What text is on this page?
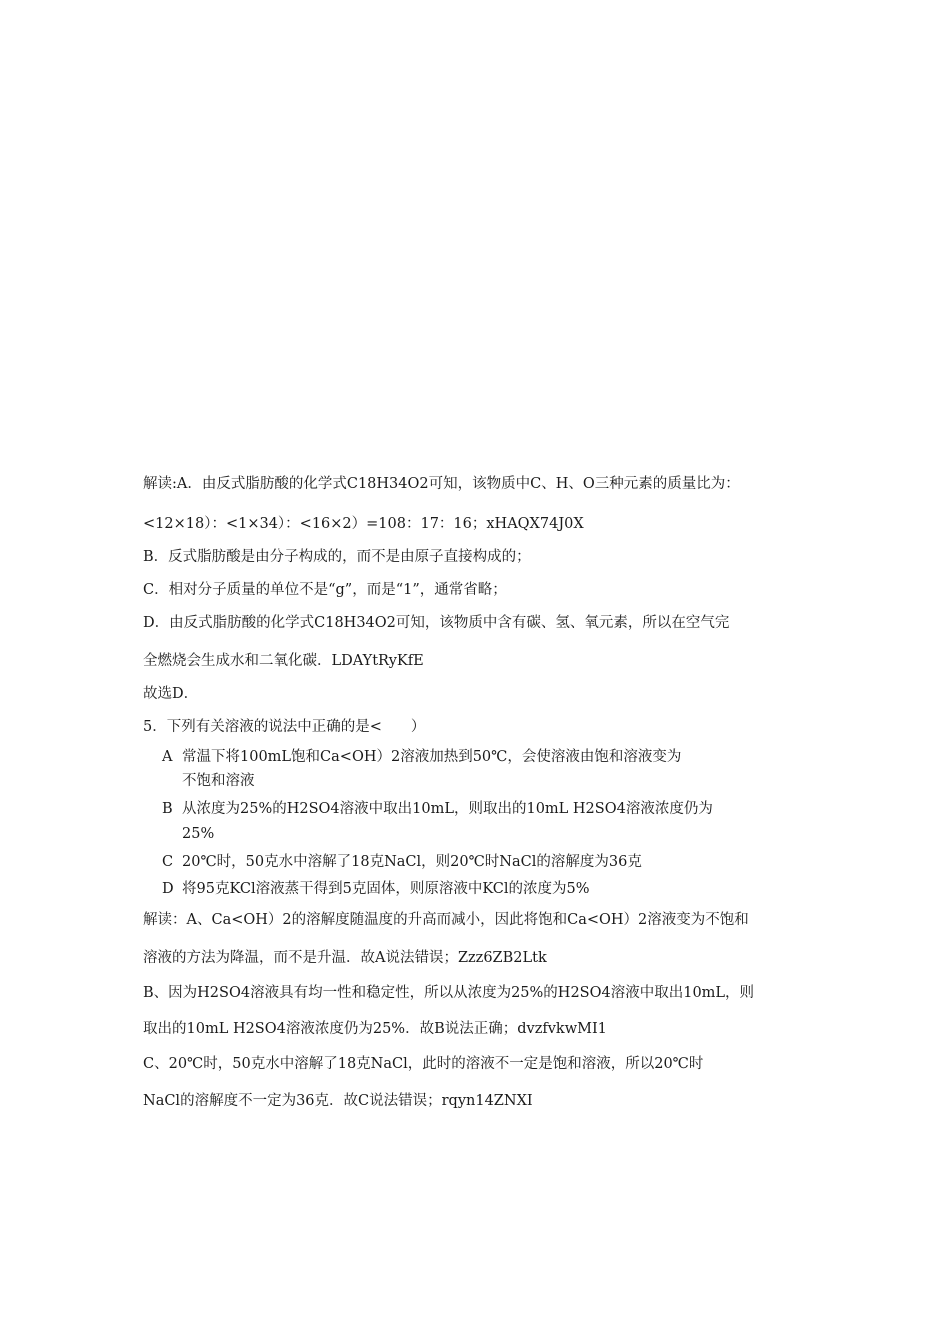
解读:A．由反式脂肪酸的化学式C18H34O2可知，该物质中C、H、O三种元素的质量比为：
<12×18）：<1×34）：<16×2）=108：17：16；xHAQX74J0X
B．反式脂肪酸是由分子构成的，而不是由原子直接构成的；
C．相对分子质量的单位不是“g”，而是“1”，通常省略；
D．由反式脂肪酸的化学式C18H34O2可知，该物质中含有碳、氢、氧元素，所以在空气完
全燃烧会生成水和二氧化碳．LDAYtRyKfE
故选D．
5．下列有关溶液的说法中正确的是<　　）
A 常温下将100mL饱和Ca<OH）2溶液加热到50℃，会使溶液由饱和溶液变为
不饱和溶液
B 从浓度为25%的H2SO4溶液中取出10mL，则取出的10mL H2SO4溶液浓度仍为
25%
C 20℃时，50克水中溶解了18克NaCl，则20℃时NaCl的溶解度为36克
D 将95克KCl溶液蒸干得到5克固体，则原溶液中KCl的浓度为5%
解读：A、Ca<OH）2的溶解度随温度的升高而减小，因此将饱和Ca<OH）2溶液变为不饱和
溶液的方法为降温，而不是升温．故A说法错误；Zzz6ZB2Ltk
B、因为H2SO4溶液具有均一性和稳定性，所以从浓度为25%的H2SO4溶液中取出10mL，则
取出的10mL H2SO4溶液浓度仍为25%．故B说法正确；dvzfvkwMI1
C、20℃时，50克水中溶解了18克NaCl，此时的溶液不一定是饱和溶液，所以20℃时
NaCl的溶解度不一定为36克．故C说法错误；rqyn14ZNXI
